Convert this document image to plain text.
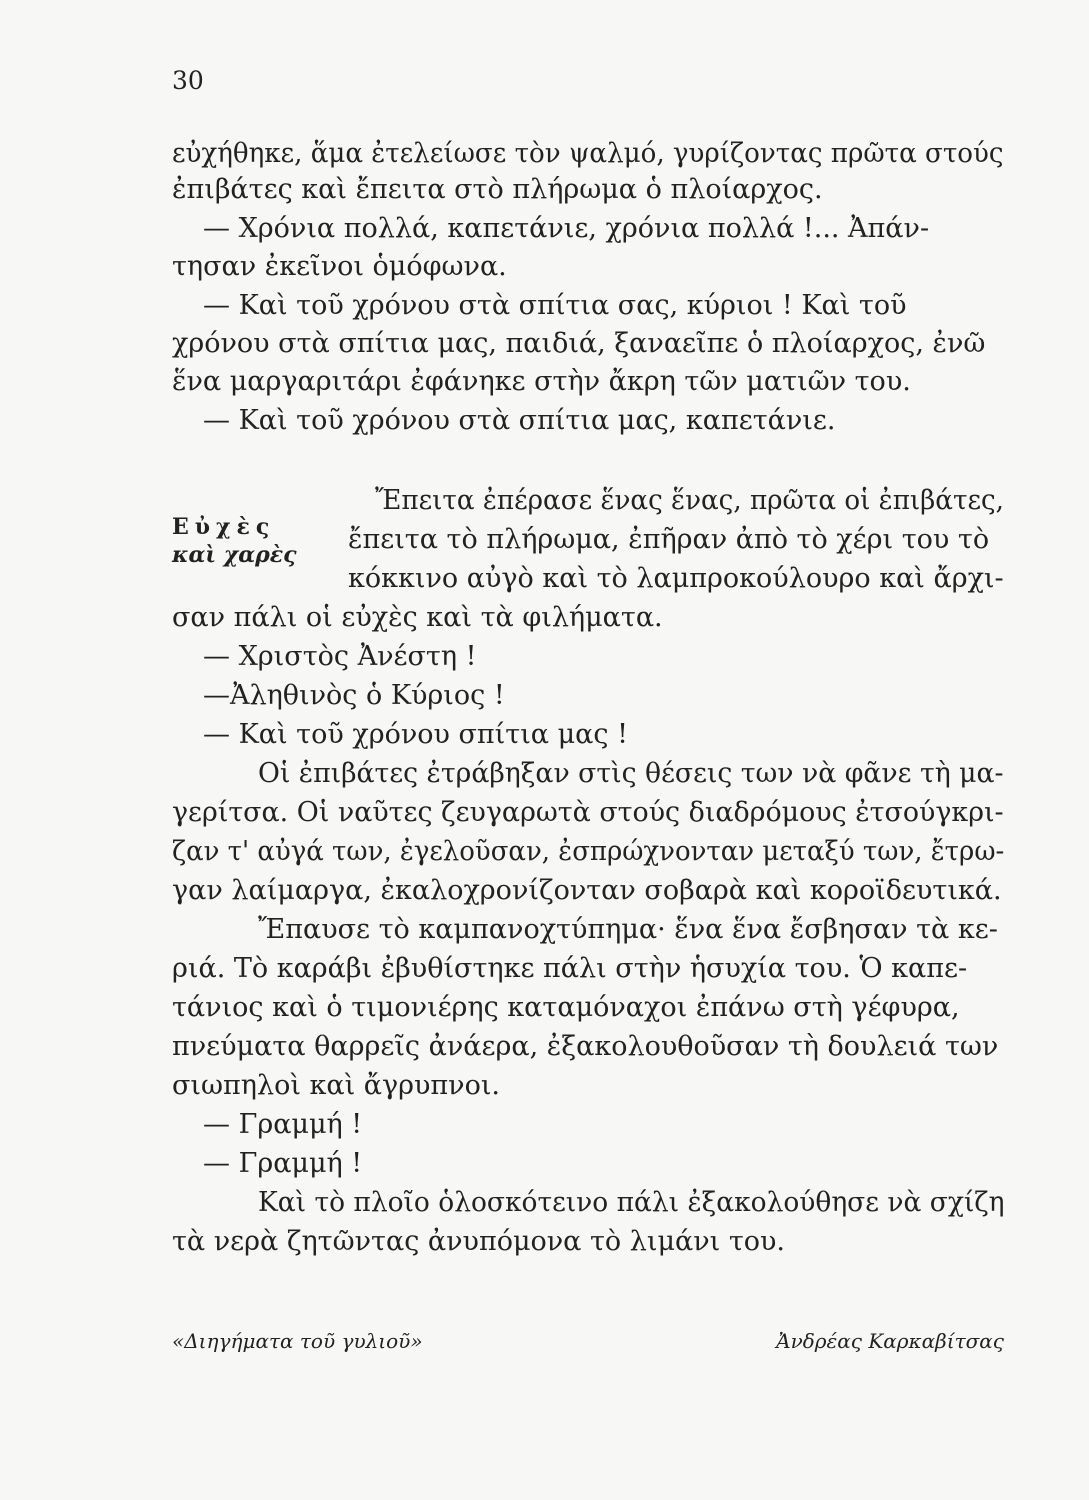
30
εὐχήθηκε, ἅμα ἐτελείωσε τὸν ψαλμό, γυρίζοντας πρῶτα στούς
ἐπιβάτες καὶ ἔπειτα στὸ πλήρωμα ὁ πλοίαρχος.
— Χρόνια πολλά, καπετάνιε, χρόνια πολλά !... Ἀπάν-
τησαν ἐκεῖνοι ὁμόφωνα.
— Καὶ τοῦ χρόνου στὰ σπίτια σας, κύριοι ! Καὶ τοῦ
χρόνου στὰ σπίτια μας, παιδιά, ξαναεῖπε ὁ πλοίαρχος, ἐνῶ
ἕνα μαργαριτάρι ἐφάνηκε στὴν ἄκρη τῶν ματιῶν του.
— Καὶ τοῦ χρόνου στὰ σπίτια μας, καπετάνιε.
Εὐχὲς
καὶ χαρὲς
Ἔπειτα ἐπέρασε ἕνας ἕνας, πρῶτα οἱ ἐπιβάτες,
ἔπειτα τὸ πλήρωμα, ἐπῆραν ἀπὸ τὸ χέρι του τὸ
κόκκινο αὐγὸ καὶ τὸ λαμπροκούλουρο καὶ ἄρχι-
σαν πάλι οἱ εὐχὲς καὶ τὰ φιλήματα.
— Χριστὸς Ἀνέστη !
—Ἀληθινὸς ὁ Κύριος !
— Καὶ τοῦ χρόνου σπίτια μας !
Οἱ ἐπιβάτες ἐτράβηξαν στὶς θέσεις των νὰ φᾶνε τὴ μα-
γερίτσα. Οἱ ναῦτες ζευγαρωτὰ στούς διαδρόμους ἐτσούγκρι-
ζαν τ' αὐγά των, ἐγελοῦσαν, ἐσπρώχνονταν μεταξύ των, ἔτρω-
γαν λαίμαργα, ἐκαλοχρονίζονταν σοβαρὰ καὶ κοροϊδευτικά.
Ἔπαυσε τὸ καμπανοχτύπημα· ἕνα ἕνα ἔσβησαν τὰ κε-
ριά. Τὸ καράβι ἐβυθίστηκε πάλι στὴν ἡσυχία του. Ὁ καπε-
τάνιος καὶ ὁ τιμονιέρης καταμόναχοι ἐπάνω στὴ γέφυρα,
πνεύματα θαρρεῖς ἀνάερα, ἐξακολουθοῦσαν τὴ δουλειά των
σιωπηλοὶ καὶ ἄγρυπνοι.
— Γραμμή !
— Γραμμή !
Καὶ τὸ πλοῖο ὁλοσκότεινο πάλι ἐξακολούθησε νὰ σχίζη
τὰ νερὰ ζητῶντας ἀνυπόμονα τὸ λιμάνι του.
«Διηγήματα τοῦ γυλιοῦ»	Ἀνδρέας Καρκαβίτσας
